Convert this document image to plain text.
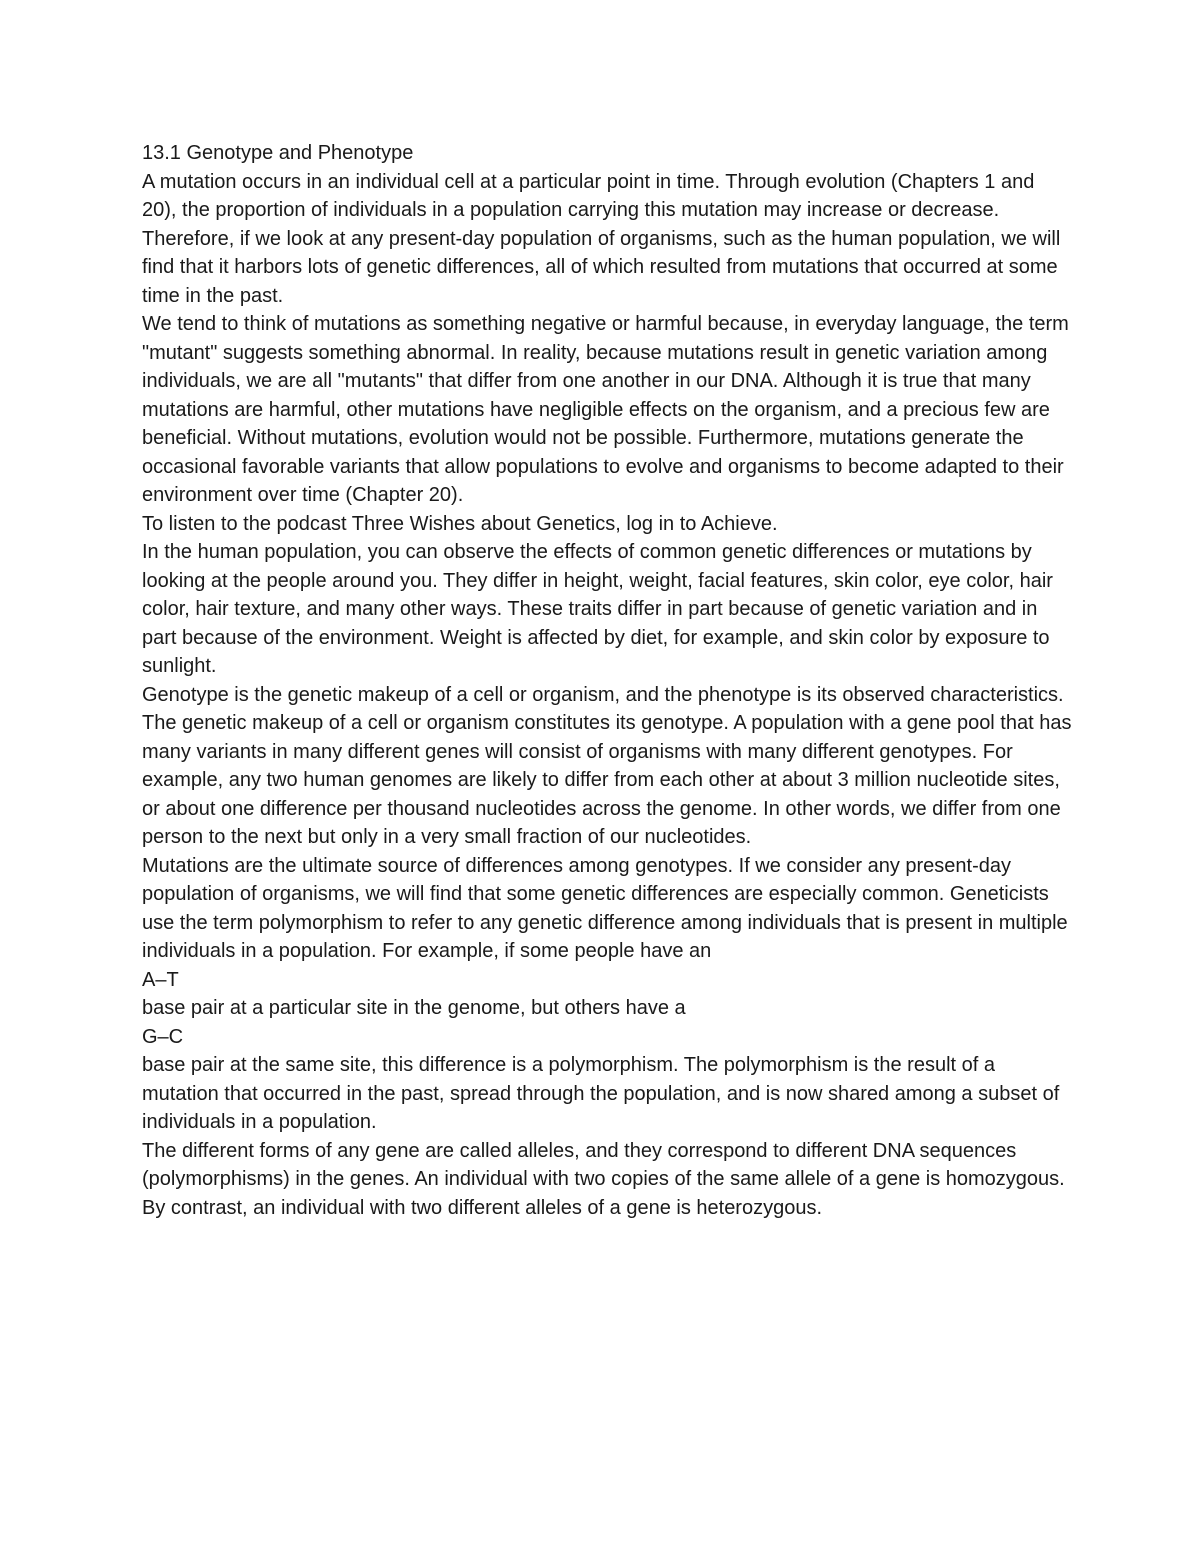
13.1 Genotype and Phenotype

A mutation occurs in an individual cell at a particular point in time. Through evolution (Chapters 1 and 20), the proportion of individuals in a population carrying this mutation may increase or decrease. Therefore, if we look at any present-day population of organisms, such as the human population, we will find that it harbors lots of genetic differences, all of which resulted from mutations that occurred at some time in the past.

We tend to think of mutations as something negative or harmful because, in everyday language, the term "mutant" suggests something abnormal. In reality, because mutations result in genetic variation among individuals, we are all "mutants" that differ from one another in our DNA. Although it is true that many mutations are harmful, other mutations have negligible effects on the organism, and a precious few are beneficial. Without mutations, evolution would not be possible. Furthermore, mutations generate the occasional favorable variants that allow populations to evolve and organisms to become adapted to their environment over time (Chapter 20).

To listen to the podcast Three Wishes about Genetics, log in to Achieve.

In the human population, you can observe the effects of common genetic differences or mutations by looking at the people around you. They differ in height, weight, facial features, skin color, eye color, hair color, hair texture, and many other ways. These traits differ in part because of genetic variation and in part because of the environment. Weight is affected by diet, for example, and skin color by exposure to sunlight.

Genotype is the genetic makeup of a cell or organism, and the phenotype is its observed characteristics.

The genetic makeup of a cell or organism constitutes its genotype. A population with a gene pool that has many variants in many different genes will consist of organisms with many different genotypes. For example, any two human genomes are likely to differ from each other at about 3 million nucleotide sites, or about one difference per thousand nucleotides across the genome. In other words, we differ from one person to the next but only in a very small fraction of our nucleotides.

Mutations are the ultimate source of differences among genotypes. If we consider any present-day population of organisms, we will find that some genetic differences are especially common. Geneticists use the term polymorphism to refer to any genetic difference among individuals that is present in multiple individuals in a population. For example, if some people have an

A–T

base pair at a particular site in the genome, but others have a

G–C

base pair at the same site, this difference is a polymorphism. The polymorphism is the result of a mutation that occurred in the past, spread through the population, and is now shared among a subset of individuals in a population.

The different forms of any gene are called alleles, and they correspond to different DNA sequences (polymorphisms) in the genes. An individual with two copies of the same allele of a gene is homozygous. By contrast, an individual with two different alleles of a gene is heterozygous.
